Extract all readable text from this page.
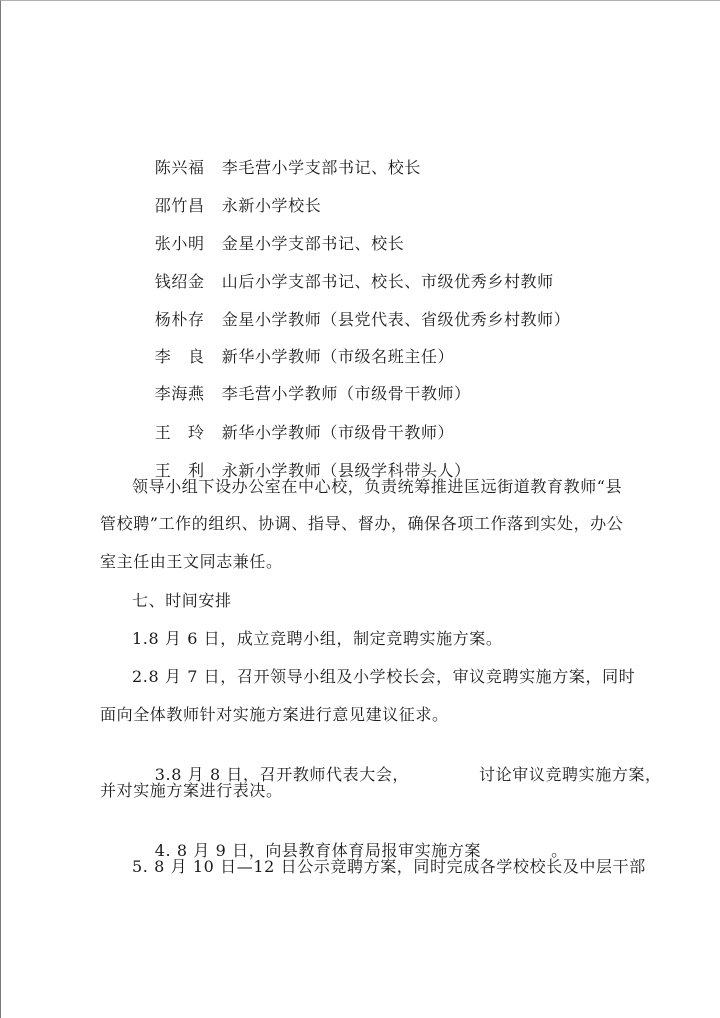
陈兴福 李毛营小学支部书记、校长

邵竹昌 永新小学校长

张小明 金星小学支部书记、校长

钱绍金 山后小学支部书记、校长、市级优秀乡村教师

杨朴存 金星小学教师（县党代表、省级优秀乡村教师）

李　良 新华小学教师（市级名班主任）

李海燕 李毛营小学教师（市级骨干教师）

王　玲 新华小学教师（市级骨干教师）

王　利 永新小学教师（县级学科带头人）

领导小组下设办公室在中心校，负责统筹推进匡远街道教育教师“县
管校聘”工作的组织、协调、指导、督办，确保各项工作落到实处，办公
室主任由王文同志兼任。
七、时间安排
1.8 月 6 日，成立竞聘小组，制定竞聘实施方案。
2.8 月 7 日，召开领导小组及小学校长会，审议竞聘实施方案，同时
面向全体教师针对实施方案进行意见建议征求。

3.8 月 8 日，召开教师代表大会，	讨论审议竞聘实施方案，

并对实施方案进行表决。

4. 8 月 9 日，向县教育体育局报审实施方案	。

5. 8 月 10 日—12 日公示竞聘方案，同时完成各学校校长及中层干部
